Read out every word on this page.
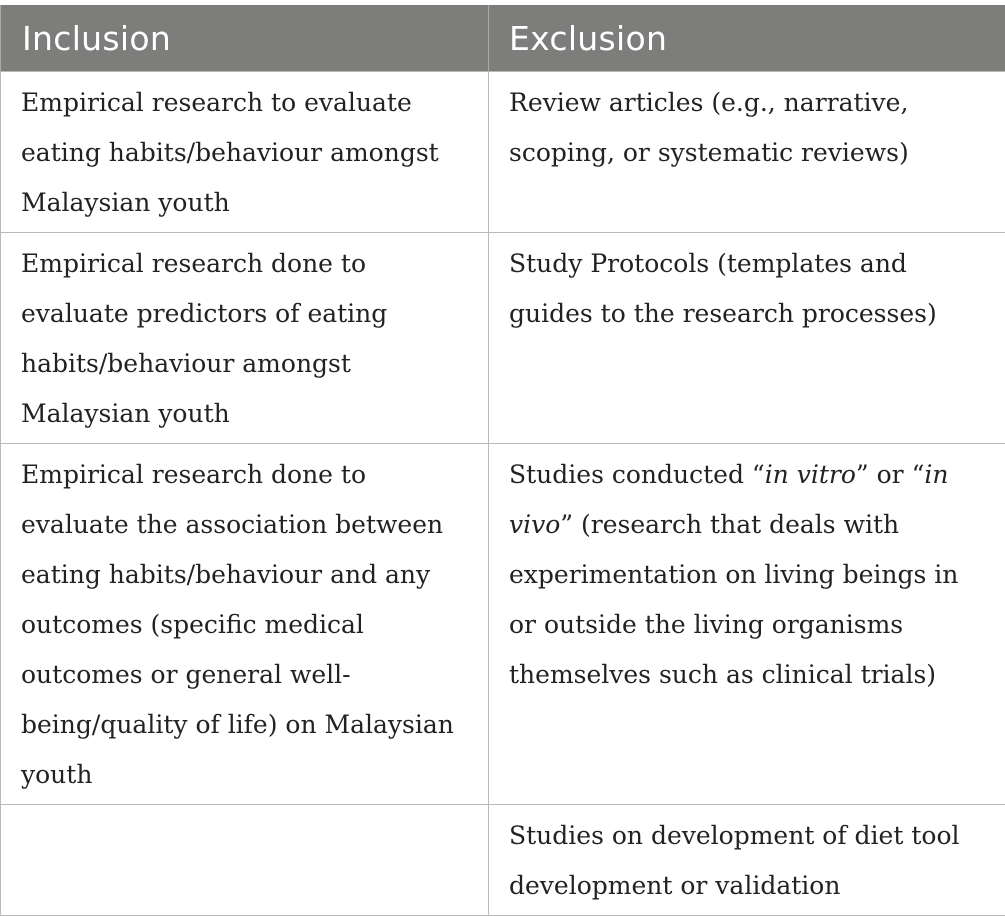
Inclusion	Exclusion
Empirical research to evaluate eating habits/behaviour amongst Malaysian youth	Review articles (e.g., narrative, scoping, or systematic reviews)
Empirical research done to evaluate predictors of eating habits/behaviour amongst Malaysian youth	Study Protocols (templates and guides to the research processes)
Empirical research done to evaluate the association between eating habits/behaviour and any outcomes (specific medical outcomes or general well-being/quality of life) on Malaysian youth	Studies conducted “in vitro” or “in vivo” (research that deals with experimentation on living beings in or outside the living organisms themselves such as clinical trials)
	Studies on development of diet tool development or validation
